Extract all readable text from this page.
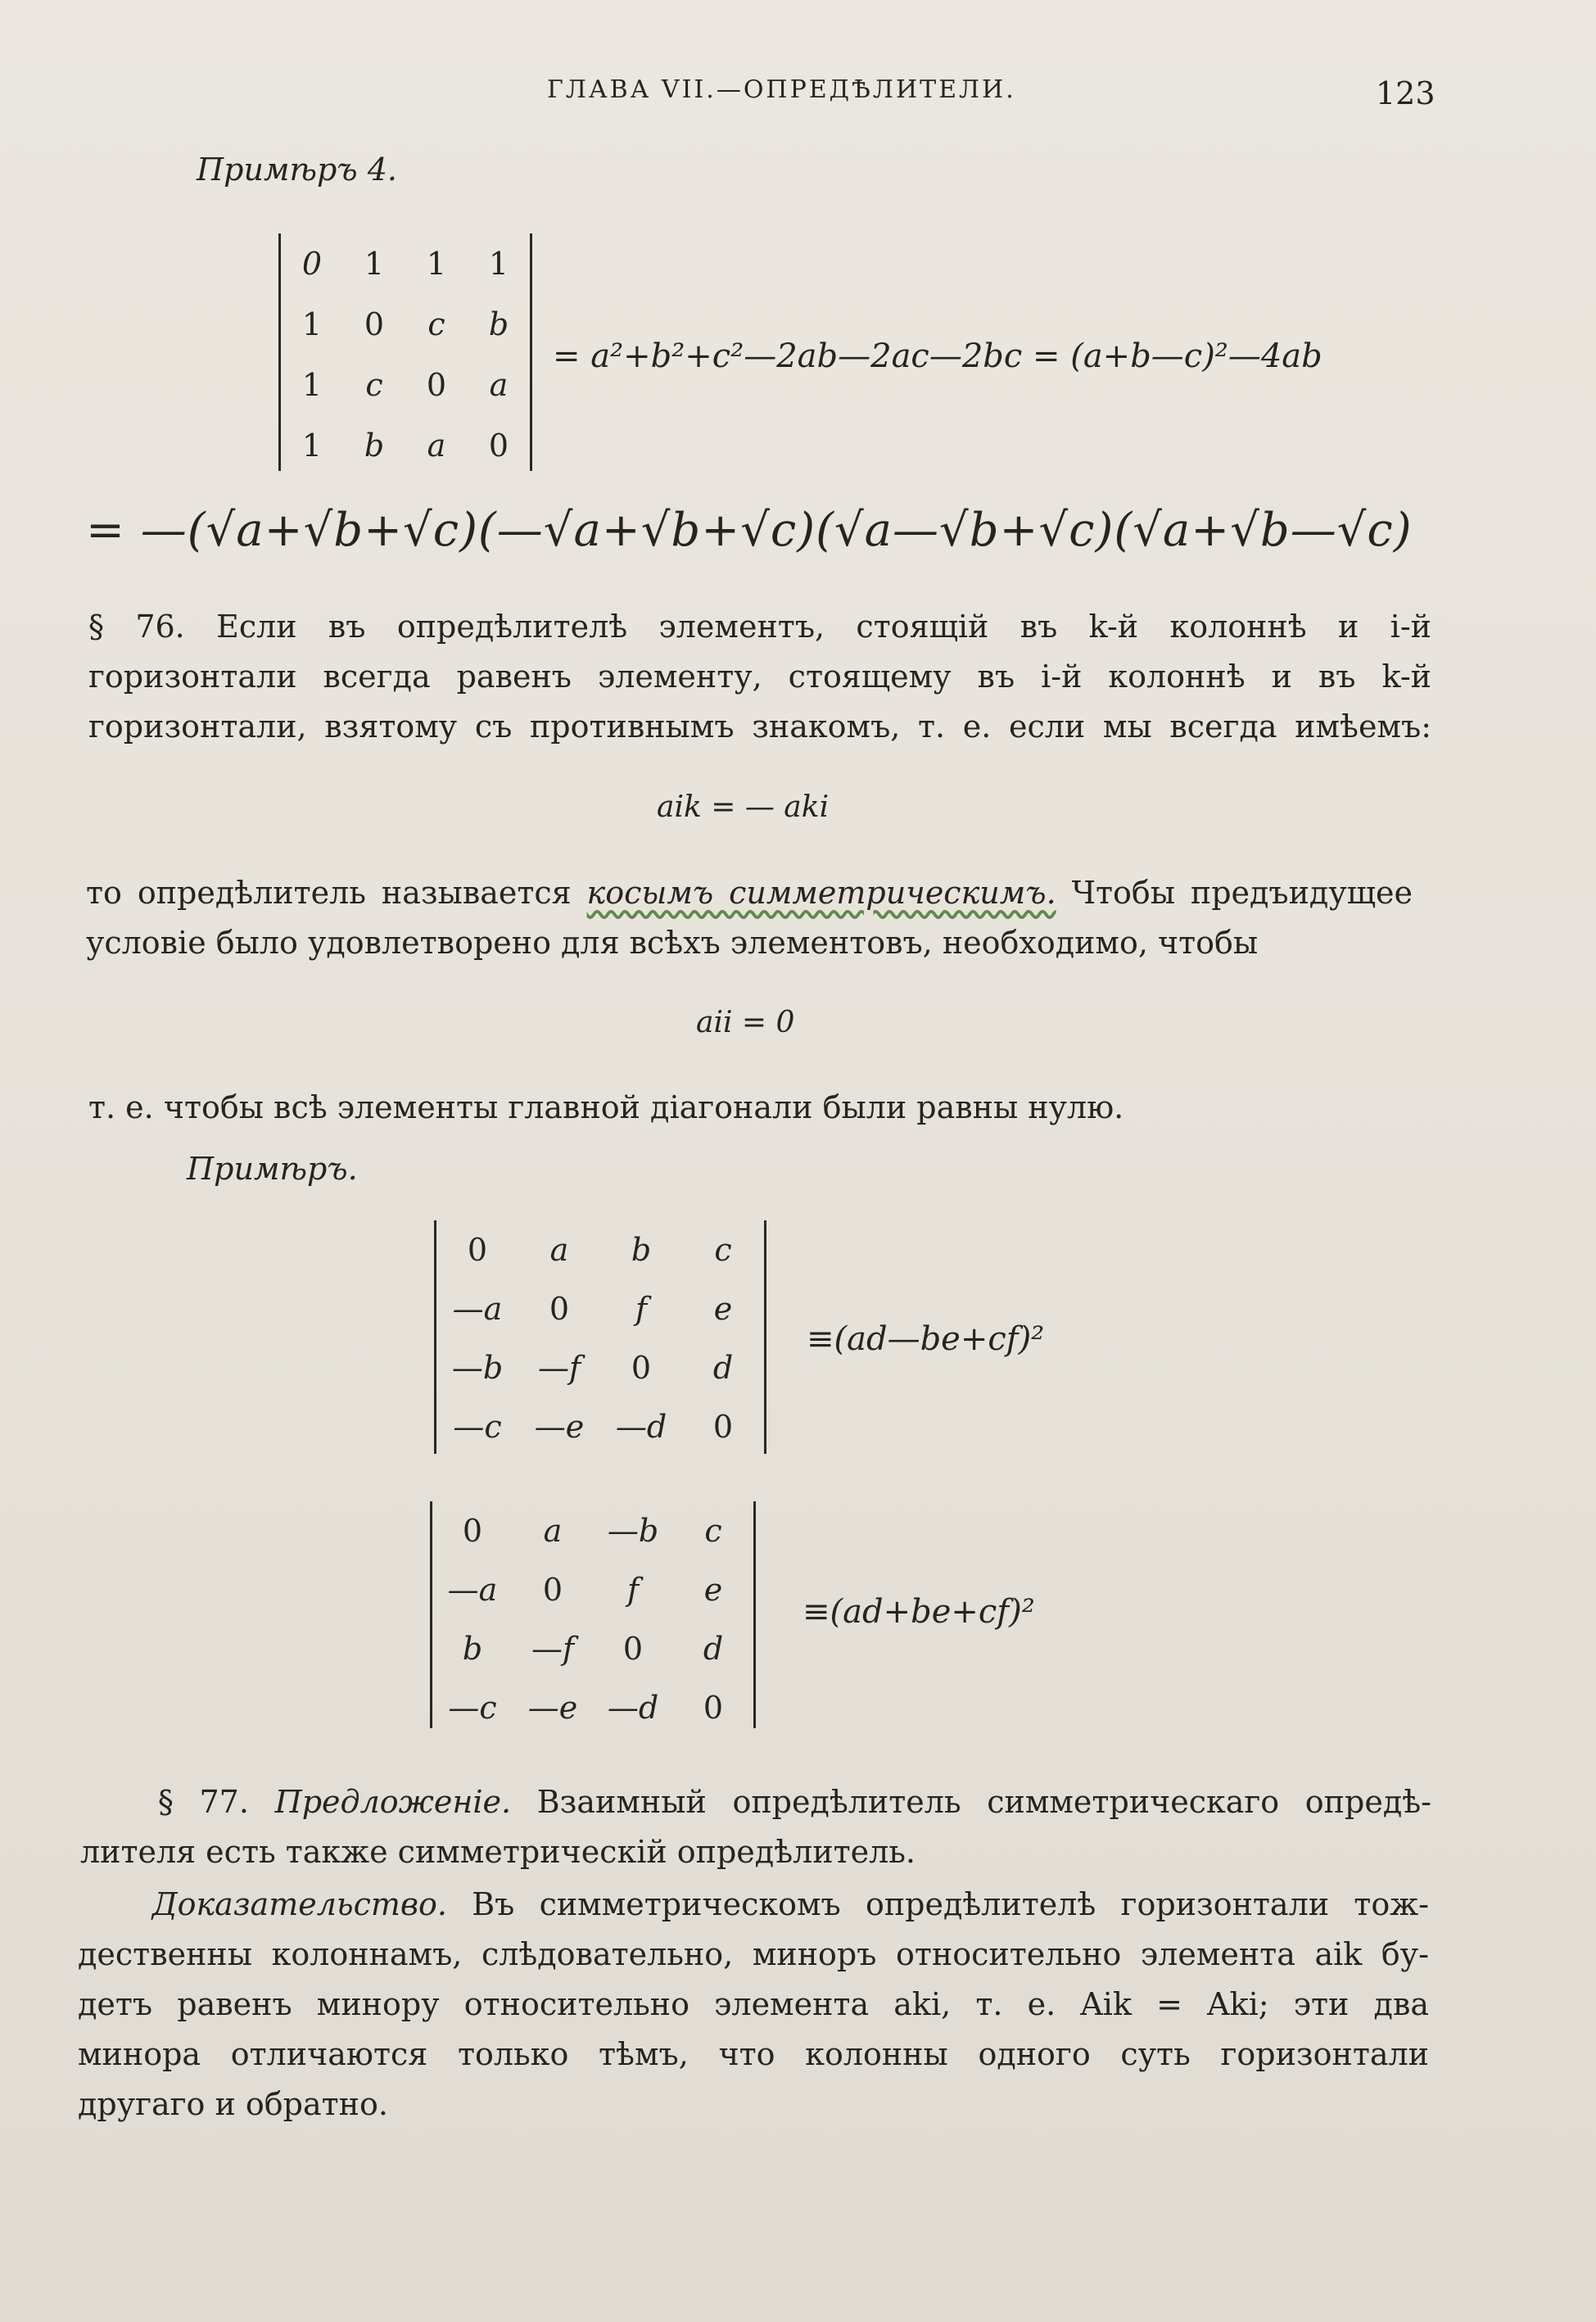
ГЛАВА VII.—ОПРЕДѢЛИТЕЛИ.	123
Примѣръ 4.
0	1	1	1
1	0	c	b
1	c	0	a
1	b	a	0
= a²+b²+c²—2ab—2ac—2bc = (a+b—c)²—4ab
= —(√a+√b+√c)(—√a+√b+√c)(√a—√b+√c)(√a+√b—√c)
§ 76. Если въ опредѣлителѣ элементъ, стоящій въ k-й колоннѣ и i-й
горизонтали всегда равенъ элементу, стоящему въ i-й колоннѣ и въ k-й
горизонтали, взятому съ противнымъ знакомъ, т. е. если мы всегда имѣемъ:
aik = — aki
то опредѣлитель называется косымъ симметрическимъ. Чтобы предъидущее
условіе было удовлетворено для всѣхъ элементовъ, необходимо, чтобы
aii = 0
т. е. чтобы всѣ элементы главной діагонали были равны нулю.
Примѣръ.
0	a	b	c
—a	0	f	e
—b	—f	0	d
—c	—e	—d	0
≡(ad—be+cf)²
0	a	—b	c
—a	0	f	e
b	—f	0	d
—c	—e	—d	0
≡(ad+be+cf)²
§ 77. Предложеніе. Взаимный опредѣлитель симметрическаго опредѣ-
лителя есть также симметрическій опредѣлитель.
Доказательство. Въ симметрическомъ опредѣлителѣ горизонтали тож-
дественны колоннамъ, слѣдовательно, миноръ относительно элемента aik бу-
детъ равенъ минору относительно элемента aki, т. е. Aik = Aki; эти два
минора отличаются только тѣмъ, что колонны одного суть горизонтали
другаго и обратно.
